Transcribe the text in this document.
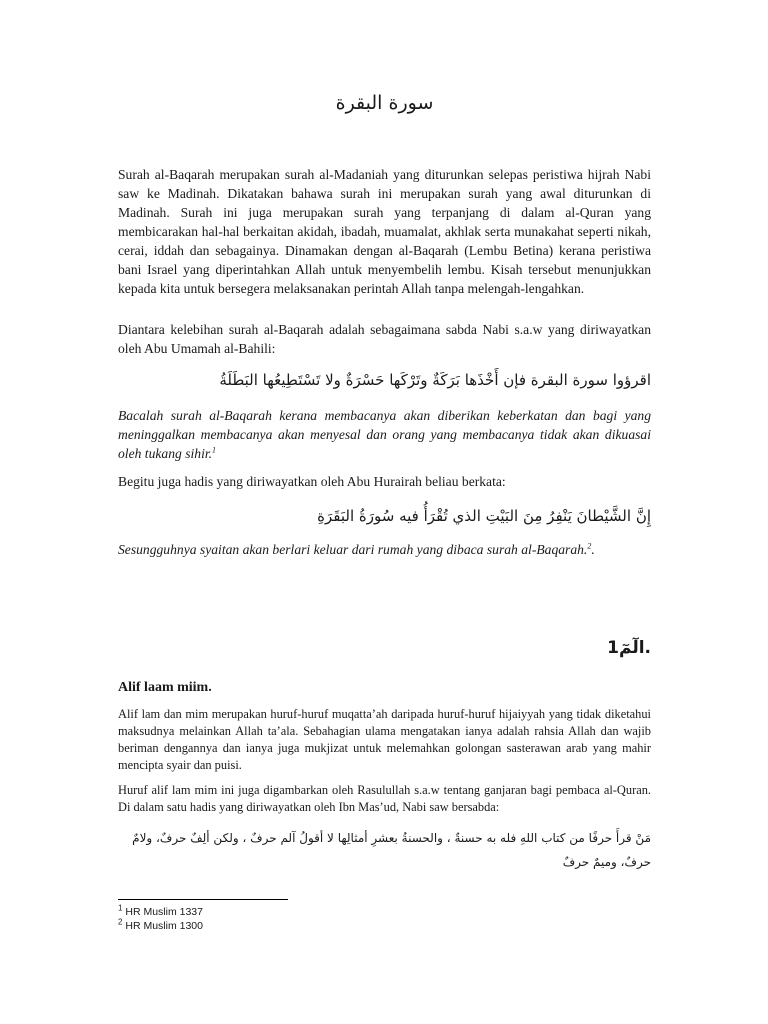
سورة البقرة

Surah al-Baqarah merupakan surah al-Madaniah yang diturunkan selepas peristiwa hijrah Nabi saw ke Madinah. Dikatakan bahawa surah ini merupakan surah yang awal diturunkan di Madinah. Surah ini juga merupakan surah yang terpanjang di dalam al-Quran yang membicarakan hal-hal berkaitan akidah, ibadah, muamalat, akhlak serta munakahat seperti nikah, cerai, iddah dan sebagainya. Dinamakan dengan al-Baqarah (Lembu Betina) kerana peristiwa bani Israel yang diperintahkan Allah untuk menyembelih lembu. Kisah tersebut menunjukkan kepada kita untuk bersegera melaksanakan perintah Allah tanpa melengah-lengahkan.

Diantara kelebihan surah al-Baqarah adalah sebagaimana sabda Nabi s.a.w yang diriwayatkan oleh Abu Umamah al-Bahili:

اقرؤوا سورة البقرة فإن أَخْذَها بَرَكَةٌ وتَرْكَها حَسْرَةٌ ولا تَسْتَطِيعُها البَطَلَةُ

Bacalah surah al-Baqarah kerana membacanya akan diberikan keberkatan dan bagi yang meninggalkan membacanya akan menyesal dan orang yang membacanya tidak akan dikuasai oleh tukang sihir.$^1$

Begitu juga hadis yang diriwayatkan oleh Abu Hurairah beliau berkata:

إِنَّ الشَّيْطانَ يَنْفِرُ مِنَ البَيْتِ الذي تُقْرَأُ فيه سُورَةُ البَقَرَةِ

Sesungguhnya syaitan akan berlari keluar dari rumah yang dibaca surah al-Baqarah.$^2$.

الٓمٓ1.

Alif laam miim.

Alif lam dan mim merupakan huruf-huruf muqatta’ah daripada huruf-huruf hijaiyyah yang tidak diketahui maksudnya melainkan Allah ta’ala. Sebahagian ulama mengatakan ianya adalah rahsia Allah dan wajib beriman dengannya dan ianya juga mukjizat untuk melemahkan golongan sasterawan arab yang mahir mencipta syair dan puisi.

Huruf alif lam mim ini juga digambarkan oleh Rasulullah s.a.w tentang ganjaran bagi pembaca al-Quran. Di dalam satu hadis yang diriwayatkan oleh Ibn Mas’ud, Nabi saw bersabda:

مَنْ قرأَ حرفًا من كتاب اللهِ فله به حسنةٌ ، والحسنةُ بعشرِ أمثالِها لا أقولُ آلم حرفٌ ، ولكن ألِفٌ حرفٌ، ولامٌ حرفٌ، وميمٌ حرفٌ
$^1$ HR Muslim 1337
$^2$ HR Muslim 1300
